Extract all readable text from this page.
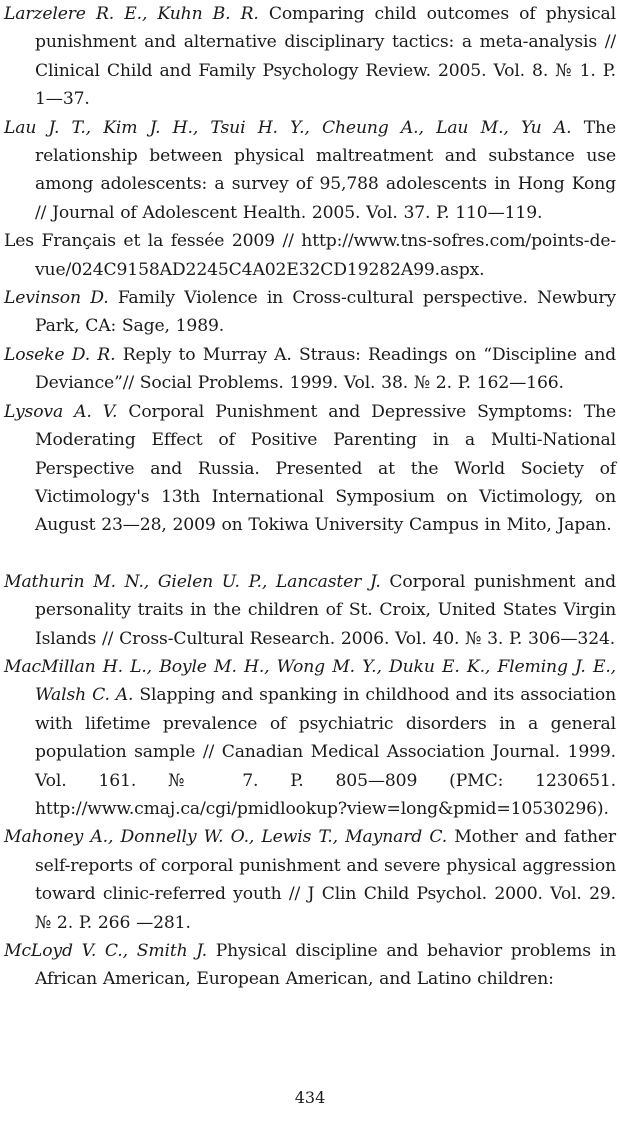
Larzelere R. E., Kuhn B. R. Comparing child outcomes of physical punishment and alternative disciplinary tactics: a meta-analysis // Clinical Child and Family Psychology Review. 2005. Vol. 8. № 1. P. 1—37.

Lau J. T., Kim J. H., Tsui H. Y., Cheung A., Lau M., Yu A. The relationship between physical maltreatment and substance use among adolescents: a survey of 95,788 adolescents in Hong Kong // Journal of Adolescent Health. 2005. Vol. 37. P. 110—119.

Les Français et la fessée 2009 // http://www.tns-sofres.com/points-de-vue/024C9158AD2245C4A02E32CD19282A99.aspx.

Levinson D. Family Violence in Cross-cultural perspective. Newbury Park, CA: Sage, 1989.

Loseke D. R. Reply to Murray A. Straus: Readings on “Discipline and Deviance”// Social Problems. 1999. Vol. 38. № 2. P. 162—166.

Lysova A. V. Corporal Punishment and Depressive Symptoms: The Moderating Effect of Positive Parenting in a Multi-National Perspective and Russia. Presented at the World Society of Victimology's 13th International Symposium on Victimology, on August 23—28, 2009 on Tokiwa University Campus in Mito, Japan.

Mathurin M. N., Gielen U. P., Lancaster J. Corporal punishment and personality traits in the children of St. Croix, United States Virgin Islands // Cross-Cultural Research. 2006. Vol. 40. № 3. P. 306—324.

MacMillan H. L., Boyle M. H., Wong M. Y., Duku E. K., Fleming J. E., Walsh C. A. Slapping and spanking in childhood and its association with lifetime prevalence of psychiatric disorders in a general population sample // Canadian Medical Association Journal. 1999. Vol. 161. № 7. P. 805—809 (PMC: 1230651. http://www.cmaj.ca/cgi/pmidlookup?view=long&pmid=10530296).

Mahoney A., Donnelly W. O., Lewis T., Maynard C. Mother and father self-reports of corporal punishment and severe physical aggression toward clinic-referred youth // J Clin Child Psychol. 2000. Vol. 29. № 2. P. 266 —281.

McLoyd V. C., Smith J. Physical discipline and behavior problems in African American, European American, and Latino children:

434
